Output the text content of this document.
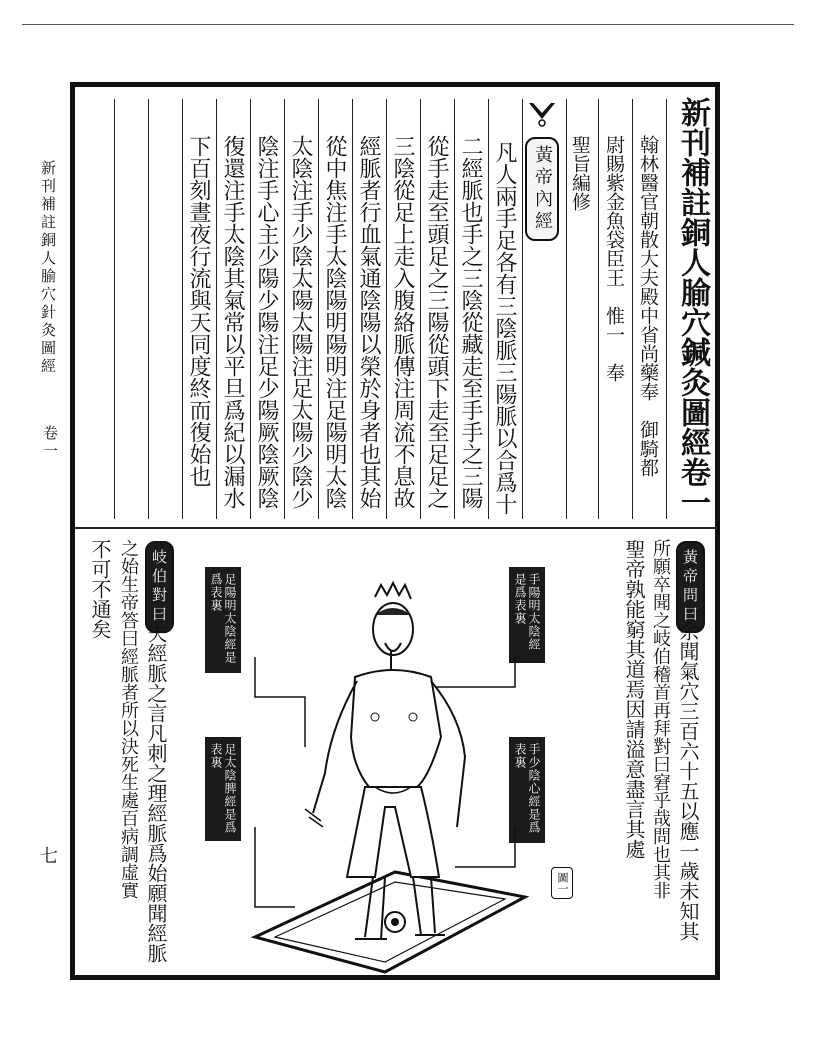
新刊補註銅人腧穴針灸圖經
卷一
七
新刊補註銅人腧穴鍼灸圖經卷一
翰林醫官朝散大夫殿中省尚藥奉　御騎都
尉賜紫金魚袋臣王　惟一　奉
聖旨編修
黃帝內經
凡人兩手足各有三陰脈三陽脈以合爲十
二經脈也手之三陰從藏走至手手之三陽
從手走至頭足之三陽從頭下走至足足之
三陰從足上走入腹絡脈傳注周流不息故
經脈者行血氣通陰陽以榮於身者也其始
從中焦注手太陰陽明陽明注足陽明太陰
太陰注手少陰太陽太陽注足太陽少陰少
陰注手心主少陽少陽注足少陽厥陰厥陰
復還注手太陰其氣常以平旦爲紀以漏水
下百刻晝夜行流與天同度終而復始也
黃帝問曰
余聞氣穴三百六十五以應一歲未知其
所願卒聞之岐伯稽首再拜對曰窘乎哉問也其非
聖帝孰能窮其道焉因請溢意盡言其處
岐伯對曰
夫經脈之言凡刺之理經脈爲始願聞經脈
之始生帝答曰經脈者所以決死生處百病調虛實
不可不通矣	足陽明太陰經是爲表裏	手陽明太陰經是爲表裏
足太陰脾經是爲表裏	手少陰心經是爲表裏
圖一
